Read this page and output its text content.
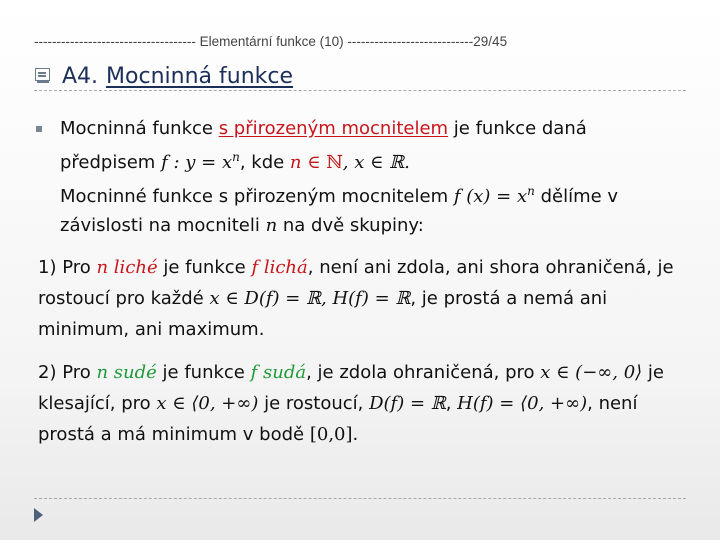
------------------------------------ Elementární funkce (10) ----------------------------29/45
A4. Mocninná funkce
Mocninná funkce s přirozeným mocnitelem je funkce daná předpisem f : $y = x^n$, kde n ∈ ℕ, x ∈ ℝ.
Mocninné funkce s přirozeným mocnitelem f $(x) = x^n$ dělíme v závislosti na mocniteli n na dvě skupiny:
1) Pro n liché je funkce f lichá, není ani zdola, ani shora ohraničená, je rostoucí pro každé x ∈ D(f) = ℝ, H(f) = ℝ, je prostá a nemá ani minimum, ani maximum.
2) Pro n sudé je funkce f sudá, je zdola ohraničená, pro x ∈ (−∞, 0⟩ je klesající, pro x ∈ ⟨0, +∞) je rostoucí, D(f) = ℝ, H(f) = ⟨0, +∞), není prostá a má minimum v bodě [0,0].
